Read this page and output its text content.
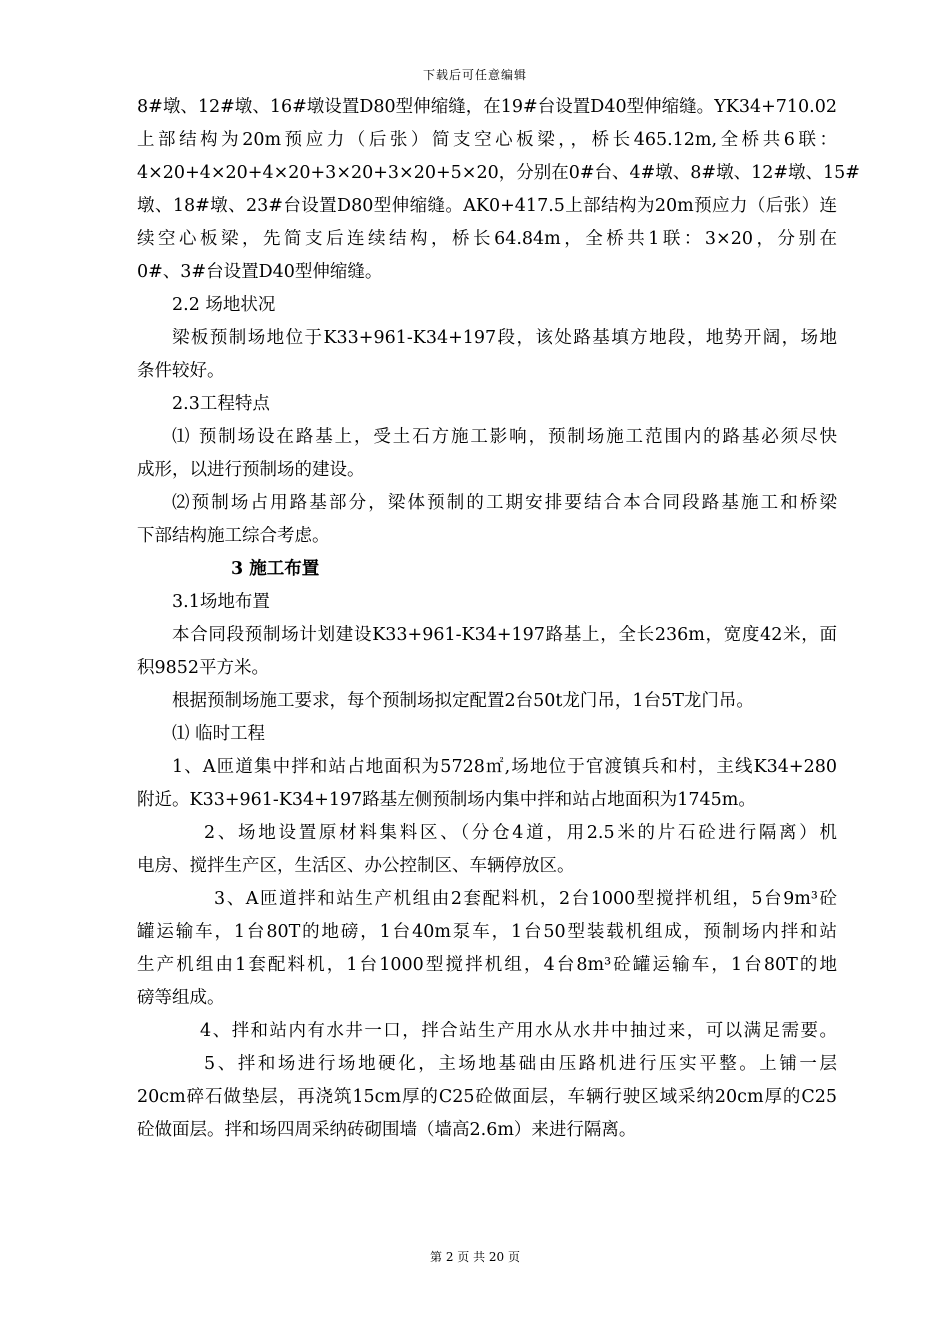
下载后可任意编辑
8#墩、12#墩、16#墩设置D80型伸缩缝，在19#台设置D40型伸缩缝。YK34+710.02
上部结构为20m预应力（后张）简支空心板梁，，桥长465.12m,全桥共6联：
4×20+4×20+4×20+3×20+3×20+5×20，分别在0#台、4#墩、8#墩、12#墩、15#
墩、18#墩、23#台设置D80型伸缩缝。AK0+417.5上部结构为20m预应力（后张）连
续空心板梁，先简支后连续结构，桥长64.84m，全桥共1联：3×20，分别在
0#、3#台设置D40型伸缩缝。
2.2 场地状况
梁板预制场地位于K33+961-K34+197段，该处路基填方地段，地势开阔，场地
条件较好。
2.3工程特点
⑴ 预制场设在路基上，受土石方施工影响，预制场施工范围内的路基必须尽快
成形，以进行预制场的建设。
⑵预制场占用路基部分，梁体预制的工期安排要结合本合同段路基施工和桥梁
下部结构施工综合考虑。
3 施工布置
3.1场地布置
本合同段预制场计划建设K33+961-K34+197路基上，全长236m，宽度42米，面
积9852平方米。
根据预制场施工要求，每个预制场拟定配置2台50t龙门吊，1台5T龙门吊。
⑴ 临时工程
1、A匝道集中拌和站占地面积为5728㎡,场地位于官渡镇兵和村，主线K34+280
附近。K33+961-K34+197路基左侧预制场内集中拌和站占地面积为1745m。
2、场地设置原材料集料区、（分仓4道，用2.5米的片石砼进行隔离）机
电房、搅拌生产区，生活区、办公控制区、车辆停放区。
3、A匝道拌和站生产机组由2套配料机，2台1000型搅拌机组，5台9m³砼
罐运输车，1台80T的地磅，1台40m泵车，1台50型装载机组成，预制场内拌和站
生产机组由1套配料机，1台1000型搅拌机组，4台8m³砼罐运输车，1台80T的地
磅等组成。
4、拌和站内有水井一口，拌合站生产用水从水井中抽过来，可以满足需要。
5、拌和场进行场地硬化，主场地基础由压路机进行压实平整。上铺一层
20cm碎石做垫层，再浇筑15cm厚的C25砼做面层，车辆行驶区域采纳20cm厚的C25
砼做面层。拌和场四周采纳砖砌围墙（墙高2.6m）来进行隔离。
第 2 页 共 20 页
